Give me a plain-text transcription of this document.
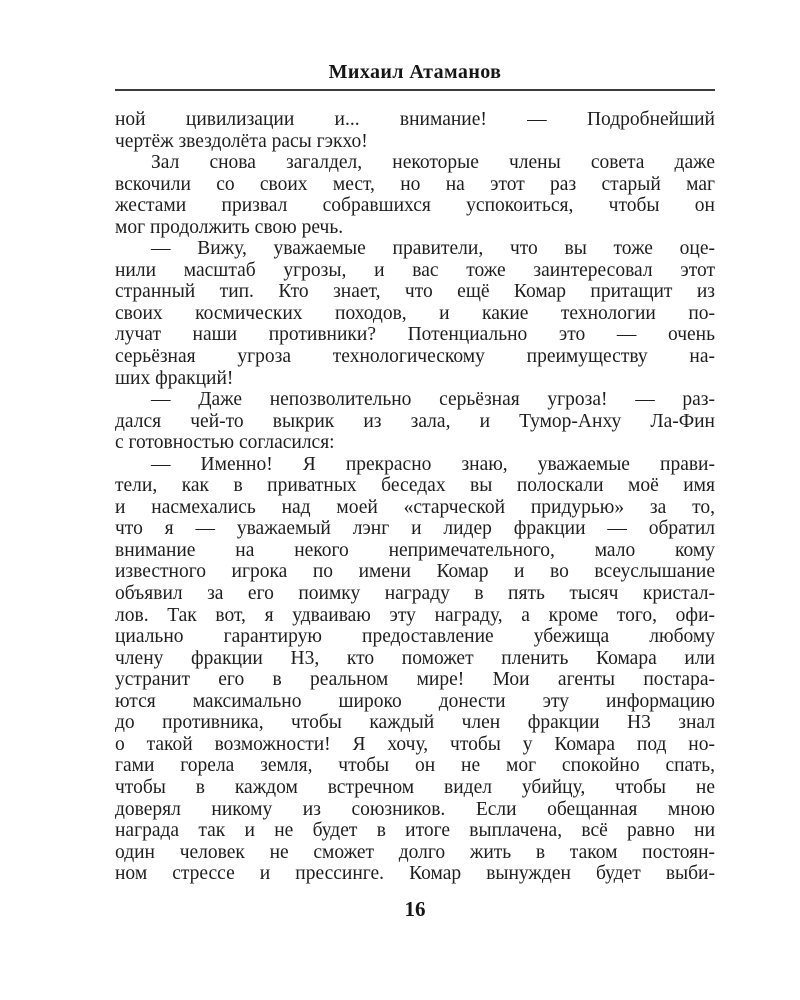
Михаил Атаманов
ной цивилизации и... внимание! — Подробнейший
чертёж звездолёта расы гэкхо!
Зал снова загалдел, некоторые члены совета даже
вскочили со своих мест, но на этот раз старый маг
жестами призвал собравшихся успокоиться, чтобы он
мог продолжить свою речь.
— Вижу, уважаемые правители, что вы тоже оце-
нили масштаб угрозы, и вас тоже заинтересовал этот
странный тип. Кто знает, что ещё Комар притащит из
своих космических походов, и какие технологии по-
лучат наши противники? Потенциально это — очень
серьёзная угроза технологическому преимуществу на-
ших фракций!
— Даже непозволительно серьёзная угроза! — раз-
дался чей-то выкрик из зала, и Тумор-Анху Ла-Фин
с готовностью согласился:
— Именно! Я прекрасно знаю, уважаемые прави-
тели, как в приватных беседах вы полоскали моё имя
и насмехались над моей «старческой придурью» за то,
что я — уважаемый лэнг и лидер фракции — обратил
внимание на некого непримечательного, мало кому
известного игрока по имени Комар и во всеуслышание
объявил за его поимку награду в пять тысяч кристал-
лов. Так вот, я удваиваю эту награду, а кроме того, офи-
циально гарантирую предоставление убежища любому
члену фракции Н3, кто поможет пленить Комара или
устранит его в реальном мире! Мои агенты постара-
ются максимально широко донести эту информацию
до противника, чтобы каждый член фракции Н3 знал
о такой возможности! Я хочу, чтобы у Комара под но-
гами горела земля, чтобы он не мог спокойно спать,
чтобы в каждом встречном видел убийцу, чтобы не
доверял никому из союзников. Если обещанная мною
награда так и не будет в итоге выплачена, всё равно ни
один человек не сможет долго жить в таком постоян-
ном стрессе и прессинге. Комар вынужден будет выби-
16
